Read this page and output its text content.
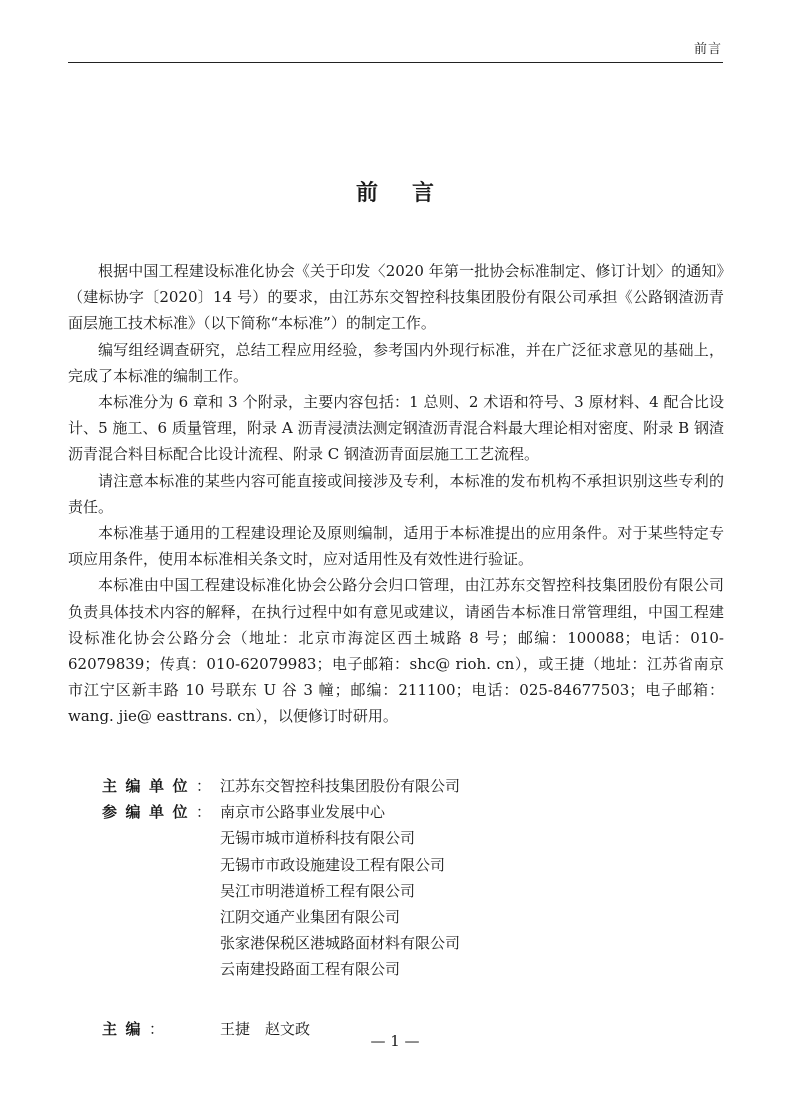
前言
前言

根据中国工程建设标准化协会《关于印发〈2020 年第一批协会标准制定、修订计划〉的通知》（建标协字〔2020〕14 号）的要求，由江苏东交智控科技集团股份有限公司承担《公路钢渣沥青面层施工技术标准》（以下简称“本标准”）的制定工作。

编写组经调查研究，总结工程应用经验，参考国内外现行标准，并在广泛征求意见的基础上，完成了本标准的编制工作。

本标准分为 6 章和 3 个附录，主要内容包括：1 总则、2 术语和符号、3 原材料、4 配合比设计、5 施工、6 质量管理，附录 A 沥青浸渍法测定钢渣沥青混合料最大理论相对密度、附录 B 钢渣沥青混合料目标配合比设计流程、附录 C 钢渣沥青面层施工工艺流程。

请注意本标准的某些内容可能直接或间接涉及专利，本标准的发布机构不承担识别这些专利的责任。

本标准基于通用的工程建设理论及原则编制，适用于本标准提出的应用条件。对于某些特定专项应用条件，使用本标准相关条文时，应对适用性及有效性进行验证。

本标准由中国工程建设标准化协会公路分会归口管理，由江苏东交智控科技集团股份有限公司负责具体技术内容的解释，在执行过程中如有意见或建议，请函告本标准日常管理组，中国工程建设标准化协会公路分会（地址：北京市海淀区西土城路 8 号；邮编：100088；电话：010-62079839；传真：010-62079983；电子邮箱：shc@ rioh. cn），或王捷（地址：江苏省南京市江宁区新丰路 10 号联东 U 谷 3 幢；邮编：211100；电话：025-84677503；电子邮箱：wang. jie@ easttrans. cn），以便修订时研用。

主编单位： 江苏东交智控科技集团股份有限公司
参编单位： 南京市公路事业发展中心
无锡市城市道桥科技有限公司
无锡市市政设施建设工程有限公司
吴江市明港道桥工程有限公司
江阴交通产业集团有限公司
张家港保税区港城路面材料有限公司
云南建投路面工程有限公司
主编：	王捷 赵文政
— 1 —
